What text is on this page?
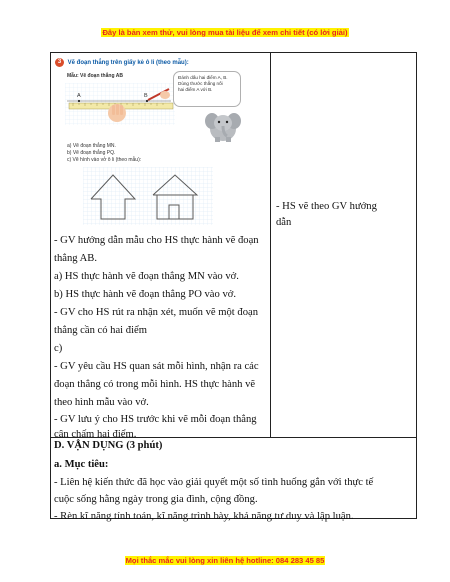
Đây là bản xem thử, vui lòng mua tài liệu để xem chi tiết (có lời giải)
3 Vẽ đoạn thẳng trên giấy kẻ ô li (theo mẫu):
Mẫu: Vẽ đoạn thẳng AB
A	B
Đánh dấu hai điểm A, B.
Dùng thước thẳng nối
hai điểm A với B.
a) Vẽ đoạn thẳng MN.
b) Vẽ đoạn thẳng PQ.
c) Vẽ hình vào vở ô li (theo mẫu):
- GV hướng dẫn mẫu cho HS thực hành vẽ đoạn
thẳng AB.
a) HS thực hành vẽ đoạn thẳng MN vào vở.
b) HS thực hành vẽ đoạn thẳng PO vào vở.
- GV cho HS rút ra nhận xét, muốn vẽ một đoạn
thẳng cần có hai điểm
c)
- GV yêu cầu HS quan sát mỗi hình, nhận ra các
đoạn thẳng có trong mỗi hình. HS thực hành vẽ
theo hình mẫu vào vở.
- GV lưu ý cho HS trước khi vẽ mỗi đoạn thẳng
cân chấm hai điểm.
- HS vẽ theo GV hướng
dẫn
D. VẬN DỤNG (3 phút)
a. Mục tiêu:
- Liên hệ kiến thức đã học vào giải quyết một số tình huống gắn với thực tế
cuộc sống hằng ngày trong gia đình, cộng đồng.
- Rèn kĩ năng tính toán, kĩ năng trình bày, khả năng tư duy và lập luận.
Mọi thắc mắc vui lòng xin liên hệ hotline: 084 283 45 85
